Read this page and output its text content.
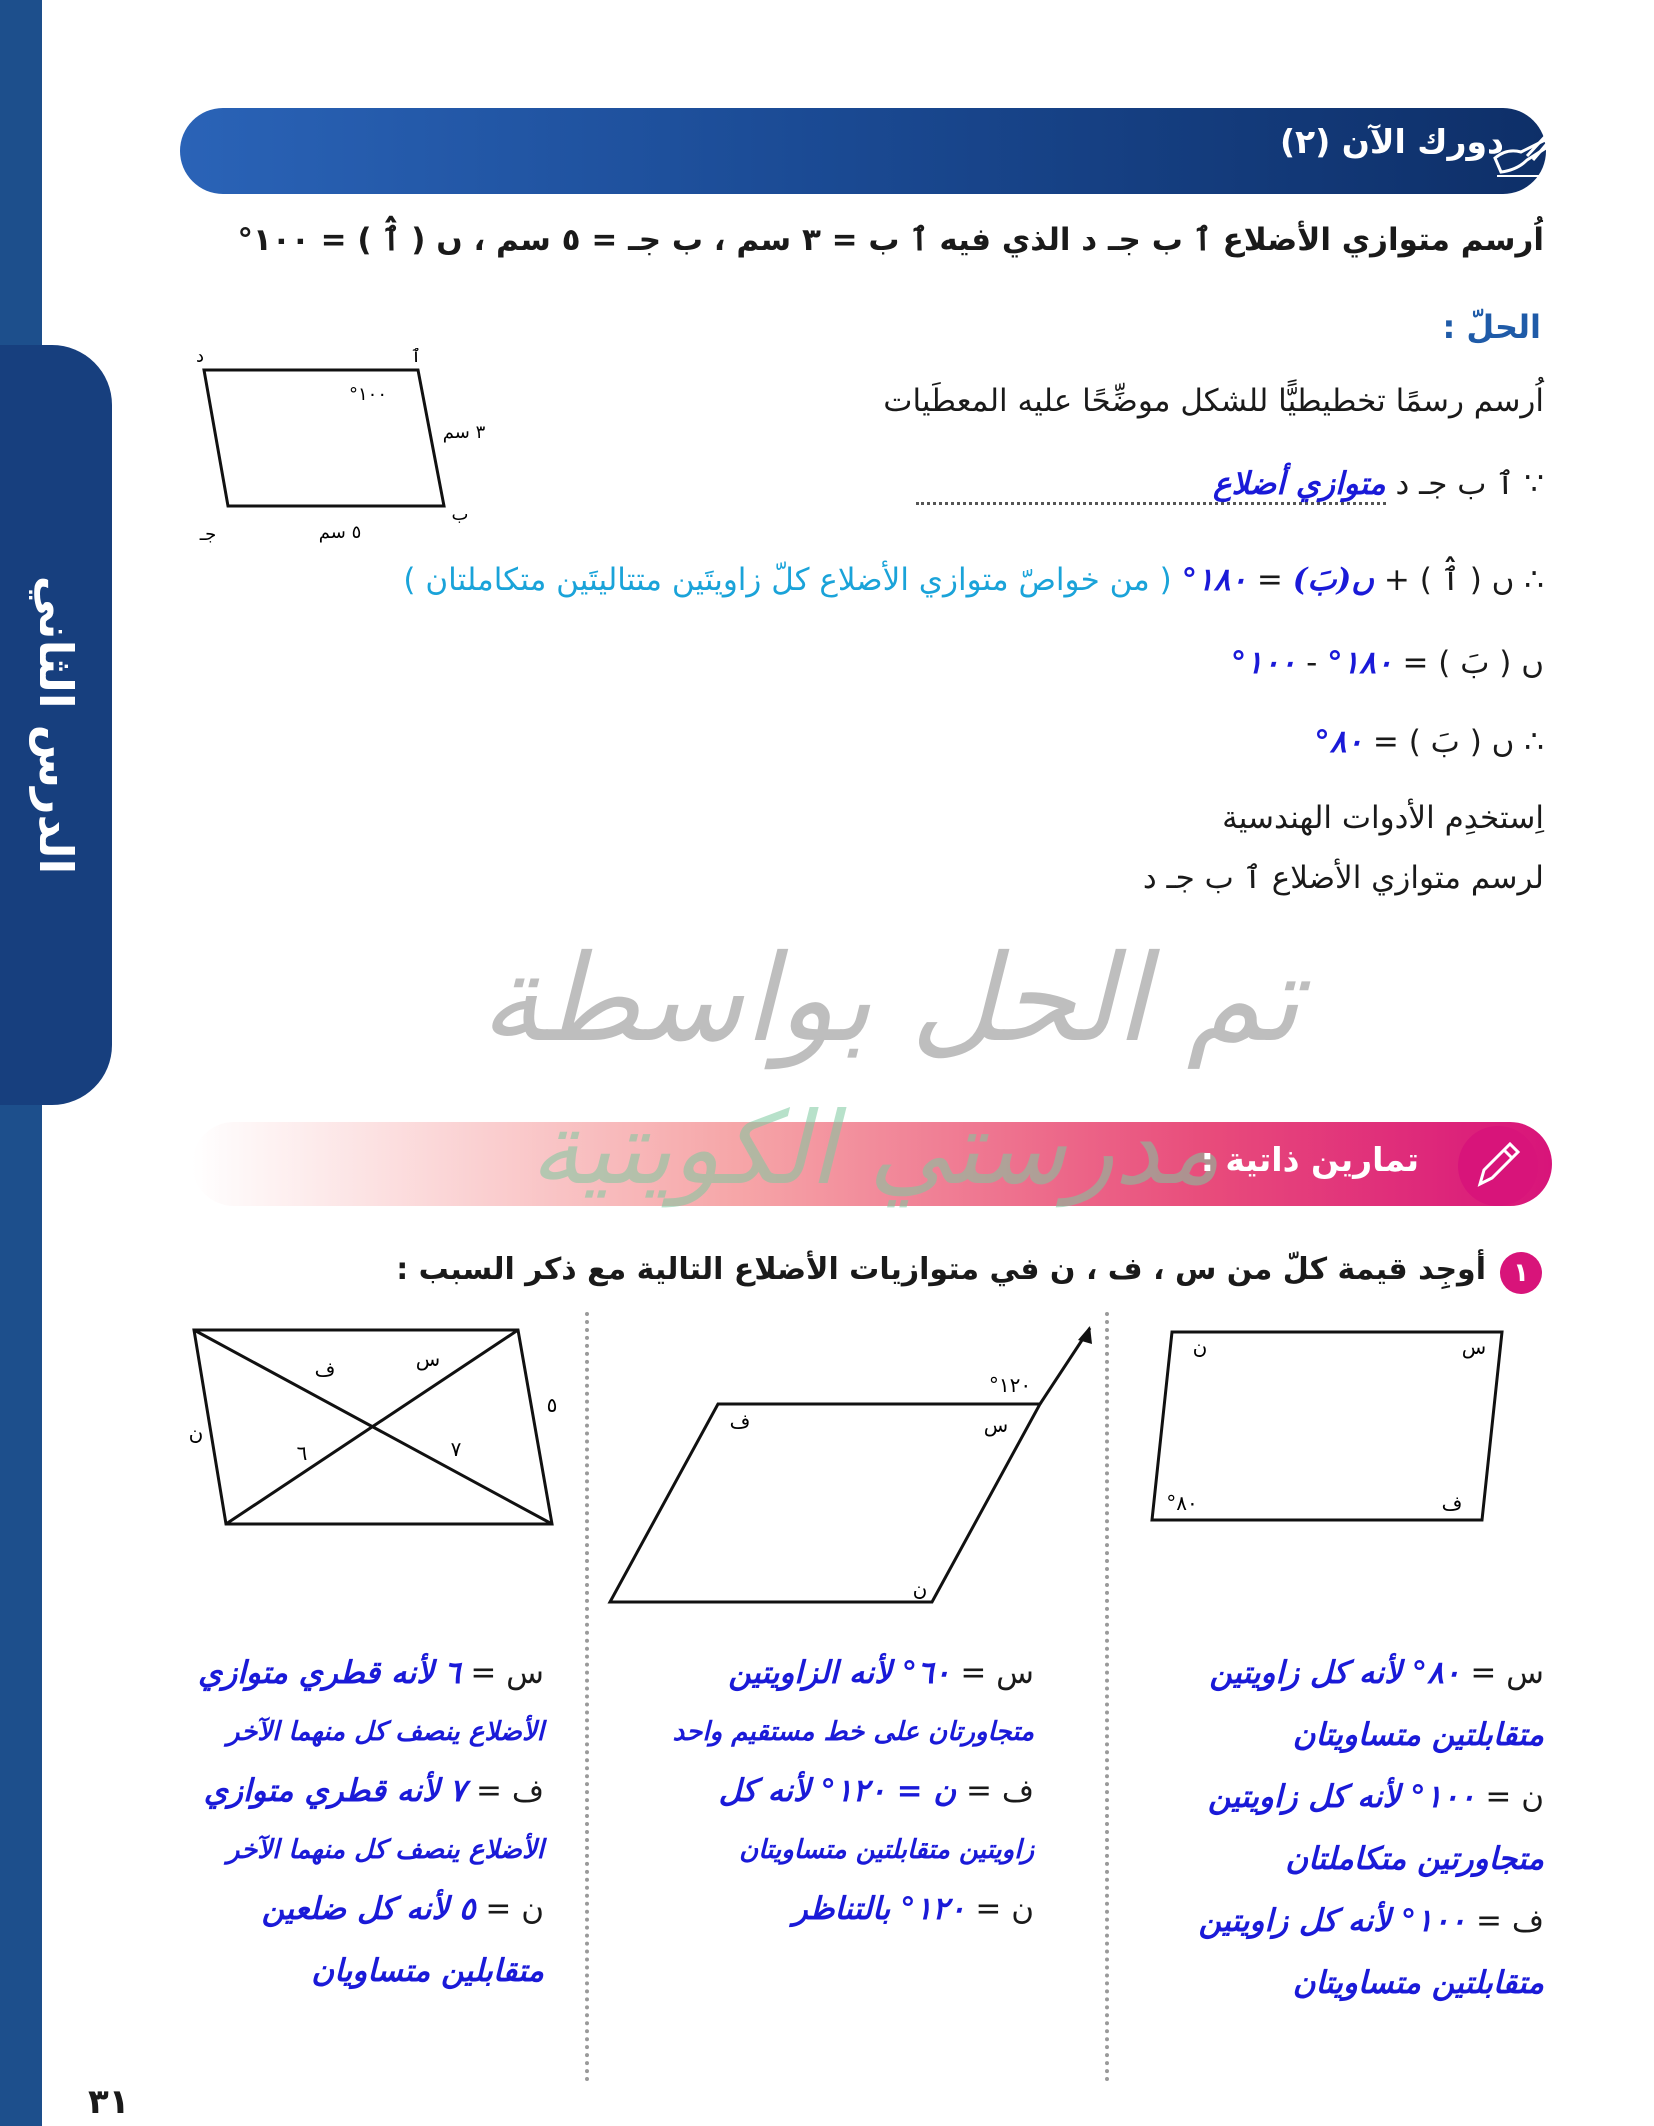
الدرس الثاني
دورك الآن (٢)
اُرسم متوازي الأضلاع ٱ ب جـ د الذي فيه ٱ ب = ٣ سم ، ب جـ = ٥ سم ، ں ( ٱ̂ ) = ١٠٠°
الحلّ :
ٱ
د
ب
جـ
١٠٠°
٣ سم
٥ سم
اُرسم رسمًا تخطيطيًّا للشكل موضِّحًا عليه المعطَيات
∵ ٱ ب جـ د متوازي أضلاع
∴ ں ( ٱ̂ ) + ں(بَ) = ١٨٠° ( من خواصّ متوازي الأضلاع كلّ زاويتَين متتاليتَين متكاملتان )
ں ( بَ ) = ١٨٠° - ١٠٠°
∴ ں ( بَ ) = ٨٠°
اِستخدِم الأدوات الهندسية
لرسم متوازي الأضلاع ٱ ب جـ د
تم الحل بواسطة
مدرستي الكويتية
تمارين ذاتية :
١
أوجِد قيمة كلّ من س ، ف ، ن في متوازيات الأضلاع التالية مع ذكر السبب :
س
ن
ف
٨٠°
١٢٠°
س
ف
ن
س
ف
٥
ن
٦	٧
س = ٨٠° لأنه كل زاويتين
متقابلتين متساويتان
ن = ١٠٠° لأنه كل زاويتين
متجاورتين متكاملتان
ف = ١٠٠° لأنه كل زاويتين
متقابلتين متساويتان
س = ٦٠° لأنه الزاويتين
متجاورتان على خط مستقيم واحد
ف = ن = ١٢٠° لأنه كل
زاويتين متقابلتين متساويتان
ن = ١٢٠° بالتناظر
س = ٦ لأنه قطري متوازي
الأضلاع ينصف كل منهما الآخر
ف = ٧ لأنه قطري متوازي
الأضلاع ينصف كل منهما الآخر
ن = ٥ لأنه كل ضلعين
متقابلين متساويان
٣١
